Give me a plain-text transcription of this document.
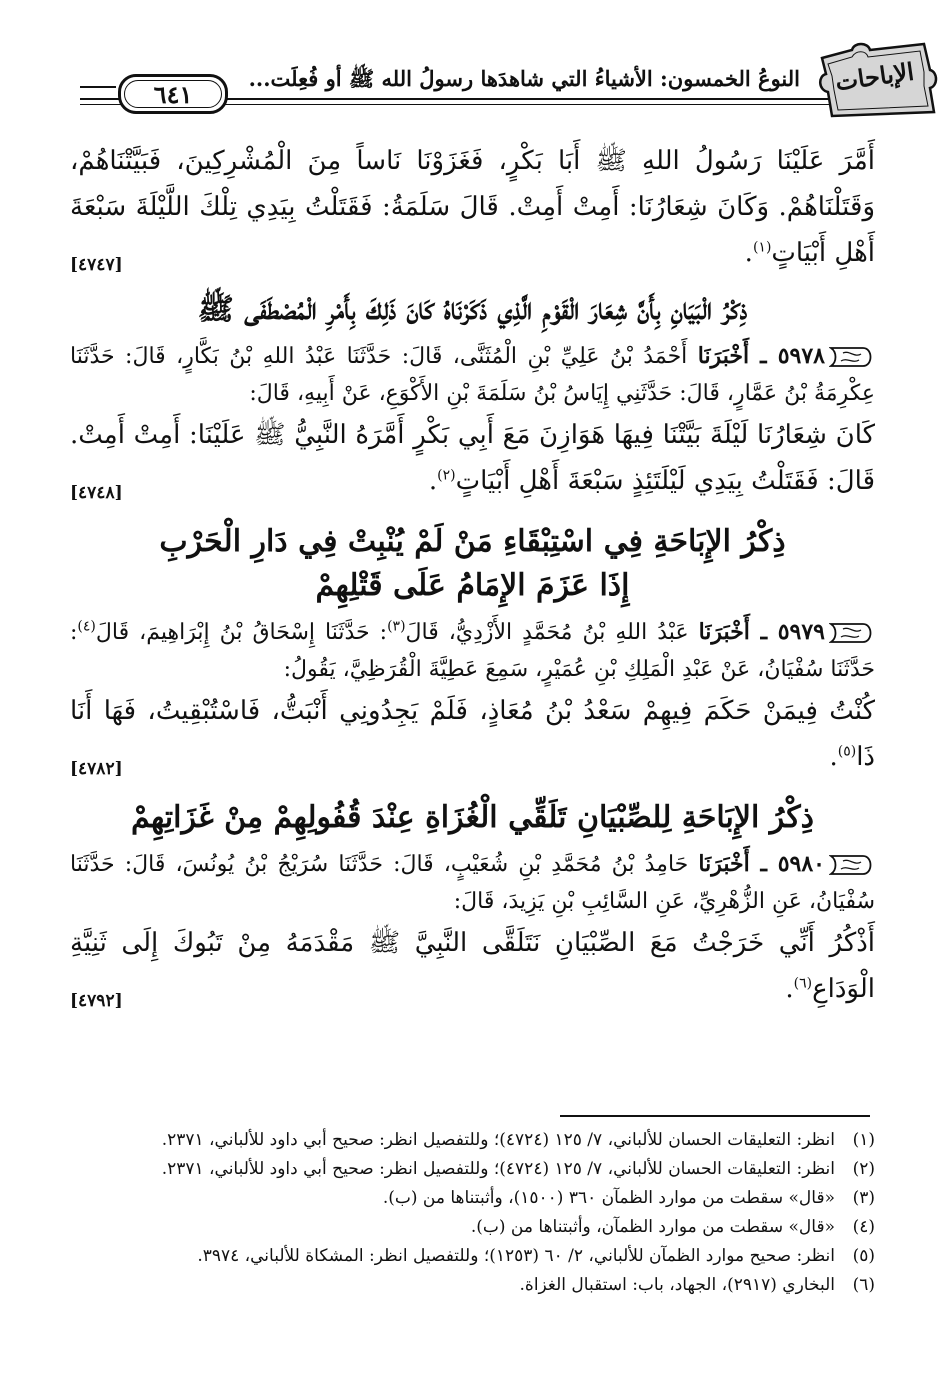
٦٤١
النوعُ الخمسون: الأشياءُ التي شاهدَها رسولُ الله ﷺ أو فُعِلَت... الإباحات

أَمَّرَ عَلَيْنَا رَسُولُ اللهِ ﷺ أَبَا بَكْرٍ، فَغَزَوْنَا نَاساً مِنَ الْمُشْرِكِينَ، فَبَيَّتْنَاهُمْ، وَقَتَلْنَاهُمْ. وَكَانَ شِعَارُنَا: أَمِتْ أَمِتْ. قَالَ سَلَمَةُ: فَقَتَلْتُ بِيَدِي تِلْكَ اللَّيْلَةَ سَبْعَةَ أَهْلِ أَبْيَاتٍ$^{(١)}$.
[٤٧٤٧]

ذِكْرُ الْبَيَانِ بِأَنَّ شِعَارَ الْقَوْمِ الَّذِي ذَكَرْنَاهُ كَانَ ذَلِكَ بِأَمْرِ الْمُصْطَفَى ﷺ

٥٩٧٨ ـ أَخْبَرَنَا أَحْمَدُ بْنُ عَلِيِّ بْنِ الْمُثَنَّى، قَالَ: حَدَّثَنَا عَبْدُ اللهِ بْنُ بَكَّارٍ، قَالَ: حَدَّثَنَا عِكْرِمَةُ بْنُ عَمَّارٍ، قَالَ: حَدَّثَنِي إِيَاسُ بْنُ سَلَمَةَ بْنِ الأَكْوَعِ، عَنْ أَبِيهِ، قَالَ:

كَانَ شِعَارُنَا لَيْلَةَ بَيَّتْنَا فِيهَا هَوَازِنَ مَعَ أَبِي بَكْرٍ أَمَّرَهُ النَّبِيُّ ﷺ عَلَيْنَا: أَمِتْ أَمِتْ. قَالَ: فَقَتَلْتُ بِيَدِي لَيْلَتَئِذٍ سَبْعَةَ أَهْلِ أَبْيَاتٍ$^{(٢)}$.
[٤٧٤٨]

ذِكْرُ الإِبَاحَةِ فِي اسْتِبْقَاءِ مَنْ لَمْ يُنْبِتْ فِي دَارِ الْحَرْبِ
إِذَا عَزَمَ الإِمَامُ عَلَى قَتْلِهِمْ

٥٩٧٩ ـ أَخْبَرَنَا عَبْدُ اللهِ بْنُ مُحَمَّدٍ الأَزْدِيُّ، قَالَ$^{(٣)}$: حَدَّثَنَا إِسْحَاقُ بْنُ إِبْرَاهِيمَ، قَالَ$^{(٤)}$: حَدَّثَنَا سُفْيَانُ، عَنْ عَبْدِ الْمَلِكِ بْنِ عُمَيْرٍ، سَمِعَ عَطِيَّةَ الْقُرَظِيَّ، يَقُولُ:

كُنْتُ فِيمَنْ حَكَمَ فِيهِمْ سَعْدُ بْنُ مُعَاذٍ، فَلَمْ يَجِدُونِي أَنْبَتُّ، فَاسْتُبْقِيتُ، فَهَا أَنَا ذَا$^{(٥)}$.
[٤٧٨٢]

ذِكْرُ الإِبَاحَةِ لِلصِّبْيَانِ تَلَقِّي الْغُزَاةِ عِنْدَ قُفُولِهِمْ مِنْ غَزَاتِهِمْ

٥٩٨٠ ـ أَخْبَرَنَا حَامِدُ بْنُ مُحَمَّدِ بْنِ شُعَيْبٍ، قَالَ: حَدَّثَنَا سُرَيْجُ بْنُ يُونُسَ، قَالَ: حَدَّثَنَا سُفْيَانُ، عَنِ الزُّهْرِيِّ، عَنِ السَّائِبِ بْنِ يَزِيدَ، قَالَ:

أَذْكُرُ أَنِّي خَرَجْتُ مَعَ الصِّبْيَانِ نَتَلَقَّى النَّبِيَّ ﷺ مَقْدَمَهُ مِنْ تَبُوكَ إِلَى ثَنِيَّةِ الْوَدَاعِ$^{(٦)}$.
[٤٧٩٢]

(١)انظر: التعليقات الحسان للألباني، ٧/ ١٢٥ (٤٧٢٤)؛ وللتفصيل انظر: صحيح أبي داود للألباني، ٢٣٧١.

(٢)انظر: التعليقات الحسان للألباني، ٧/ ١٢٥ (٤٧٢٤)؛ وللتفصيل انظر: صحيح أبي داود للألباني، ٢٣٧١.

(٣)«قال» سقطت من موارد الظمآن ٣٦٠ (١٥٠٠)، وأثبتناها من (ب).

(٤)«قال» سقطت من موارد الظمآن، وأثبتناها من (ب).

(٥)انظر: صحيح موارد الظمآن للألباني، ٢/ ٦٠ (١٢٥٣)؛ وللتفصيل انظر: المشكاة للألباني، ٣٩٧٤.

(٦)البخاري (٢٩١٧)، الجهاد، باب: استقبال الغزاة.
